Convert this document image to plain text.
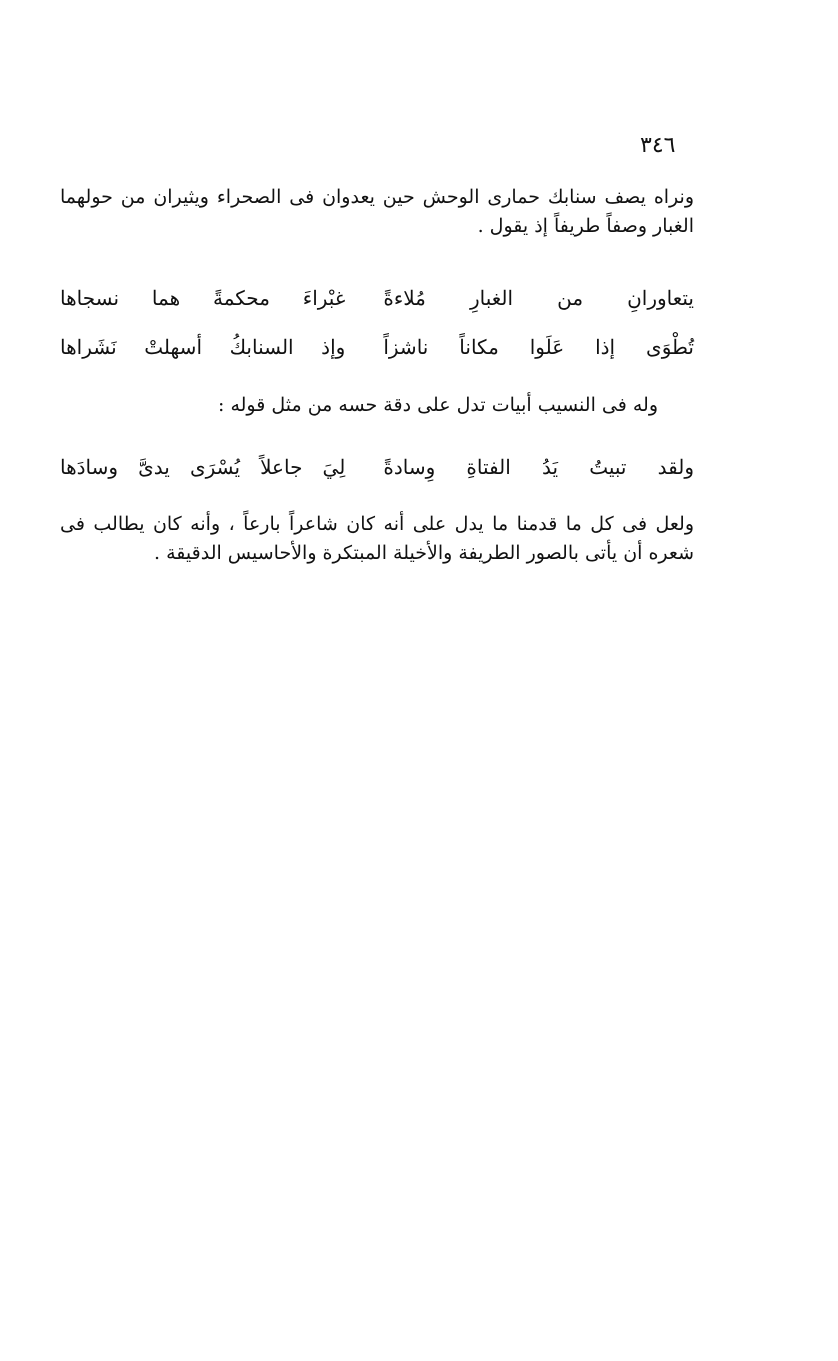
٣٤٦

ونراه يصف سنابك حمارى الوحش حين يعدوان فى الصحراء ويثيران من حولهما الغبار وصفاً طريفاً إذ يقول .

يتعاورانِ من الغبارِ مُلاءةً
غبْراءَ محكمةً هما نسجاها
تُطْوَى إذا عَلَوا مكاناً ناشزاً
وإذ السنابكُ أسهلتْ نَشَراها

وله فى النسيب أبيات تدل على دقة حسه من مثل قوله :

ولقد تبيتُ يَدُ الفتاةِ وِسادةً
لِيَ جاعلاً يُسْرَى يدىَّ وسادَها

ولعل فى كل ما قدمنا ما يدل على أنه كان شاعراً بارعاً ، وأنه كان يطالب فى شعره أن يأتى بالصور الطريفة والأخيلة المبتكرة والأحاسيس الدقيقة .
